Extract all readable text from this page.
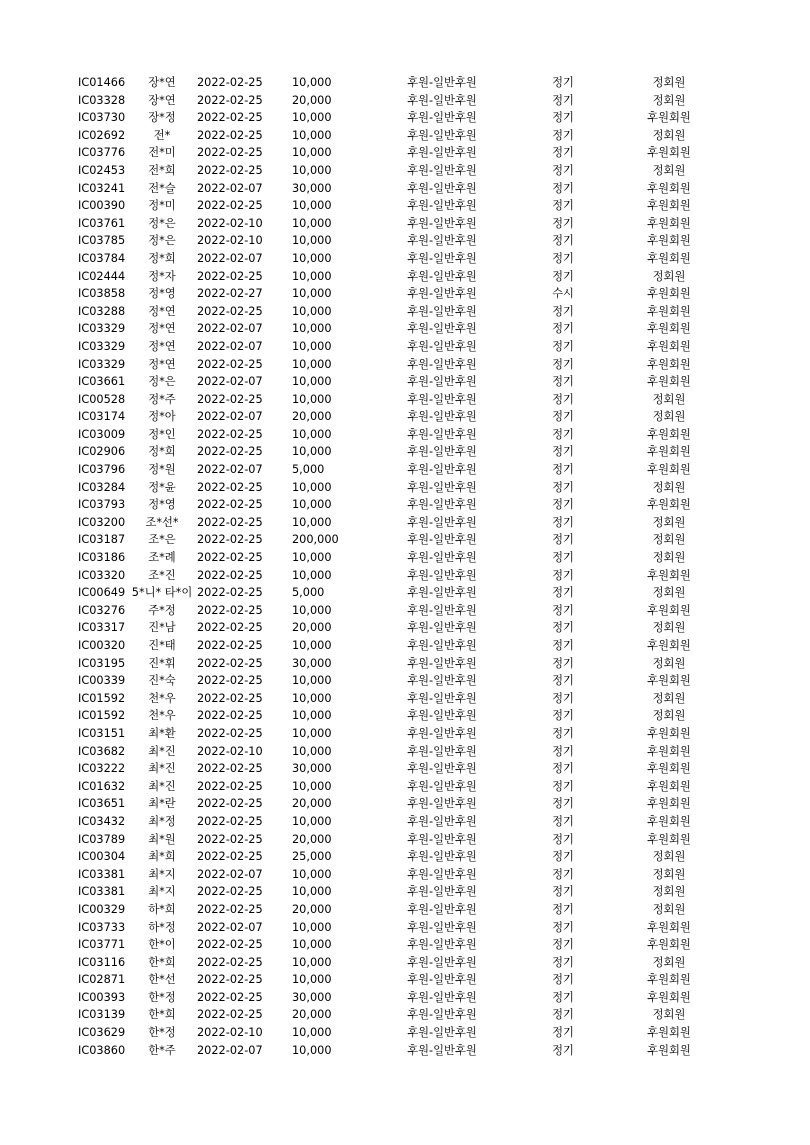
IC01466	장*연	2022-02-25	10,000	후원-일반후원	정기	정회원
IC03328	장*연	2022-02-25	20,000	후원-일반후원	정기	정회원
IC03730	장*정	2022-02-25	10,000	후원-일반후원	정기	후원회원
IC02692	전*	2022-02-25	10,000	후원-일반후원	정기	정회원
IC03776	전*미	2022-02-25	10,000	후원-일반후원	정기	후원회원
IC02453	전*희	2022-02-25	10,000	후원-일반후원	정기	정회원
IC03241	전*슬	2022-02-07	30,000	후원-일반후원	정기	후원회원
IC00390	정*미	2022-02-25	10,000	후원-일반후원	정기	후원회원
IC03761	정*은	2022-02-10	10,000	후원-일반후원	정기	후원회원
IC03785	정*은	2022-02-10	10,000	후원-일반후원	정기	후원회원
IC03784	정*희	2022-02-07	10,000	후원-일반후원	정기	후원회원
IC02444	정*자	2022-02-25	10,000	후원-일반후원	정기	정회원
IC03858	정*영	2022-02-27	10,000	후원-일반후원	수시	후원회원
IC03288	정*연	2022-02-25	10,000	후원-일반후원	정기	후원회원
IC03329	정*연	2022-02-07	10,000	후원-일반후원	정기	후원회원
IC03329	정*연	2022-02-07	10,000	후원-일반후원	정기	후원회원
IC03329	정*연	2022-02-25	10,000	후원-일반후원	정기	후원회원
IC03661	정*은	2022-02-07	10,000	후원-일반후원	정기	후원회원
IC00528	정*주	2022-02-25	10,000	후원-일반후원	정기	정회원
IC03174	정*아	2022-02-07	20,000	후원-일반후원	정기	정회원
IC03009	정*인	2022-02-25	10,000	후원-일반후원	정기	후원회원
IC02906	정*희	2022-02-25	10,000	후원-일반후원	정기	후원회원
IC03796	정*원	2022-02-07	5,000	후원-일반후원	정기	후원회원
IC03284	정*윤	2022-02-25	10,000	후원-일반후원	정기	정회원
IC03793	정*영	2022-02-25	10,000	후원-일반후원	정기	후원회원
IC03200	조*선*	2022-02-25	10,000	후원-일반후원	정기	정회원
IC03187	조*은	2022-02-25	200,000	후원-일반후원	정기	정회원
IC03186	조*례	2022-02-25	10,000	후원-일반후원	정기	정회원
IC03320	조*진	2022-02-25	10,000	후원-일반후원	정기	후원회원
IC00649 5*니* 타*이 2022-02-25	5,000	후원-일반후원	정기	정회원
IC03276	주*정	2022-02-25	10,000	후원-일반후원	정기	후원회원
IC03317	진*남	2022-02-25	20,000	후원-일반후원	정기	정회원
IC00320	진*태	2022-02-25	10,000	후원-일반후원	정기	후원회원
IC03195	진*휘	2022-02-25	30,000	후원-일반후원	정기	정회원
IC00339	진*숙	2022-02-25	10,000	후원-일반후원	정기	후원회원
IC01592	천*우	2022-02-25	10,000	후원-일반후원	정기	정회원
IC01592	천*우	2022-02-25	10,000	후원-일반후원	정기	정회원
IC03151	최*환	2022-02-25	10,000	후원-일반후원	정기	후원회원
IC03682	최*진	2022-02-10	10,000	후원-일반후원	정기	후원회원
IC03222	최*진	2022-02-25	30,000	후원-일반후원	정기	후원회원
IC01632	최*진	2022-02-25	10,000	후원-일반후원	정기	후원회원
IC03651	최*란	2022-02-25	20,000	후원-일반후원	정기	후원회원
IC03432	최*정	2022-02-25	10,000	후원-일반후원	정기	후원회원
IC03789	최*원	2022-02-25	20,000	후원-일반후원	정기	후원회원
IC00304	최*희	2022-02-25	25,000	후원-일반후원	정기	정회원
IC03381	최*지	2022-02-07	10,000	후원-일반후원	정기	정회원
IC03381	최*지	2022-02-25	10,000	후원-일반후원	정기	정회원
IC00329	하*희	2022-02-25	20,000	후원-일반후원	정기	정회원
IC03733	하*정	2022-02-07	10,000	후원-일반후원	정기	후원회원
IC03771	한*이	2022-02-25	10,000	후원-일반후원	정기	후원회원
IC03116	한*희	2022-02-25	10,000	후원-일반후원	정기	정회원
IC02871	한*선	2022-02-25	10,000	후원-일반후원	정기	후원회원
IC00393	한*정	2022-02-25	30,000	후원-일반후원	정기	후원회원
IC03139	한*희	2022-02-25	20,000	후원-일반후원	정기	정회원
IC03629	한*정	2022-02-10	10,000	후원-일반후원	정기	후원회원
IC03860	한*주	2022-02-07	10,000	후원-일반후원	정기	후원회원
